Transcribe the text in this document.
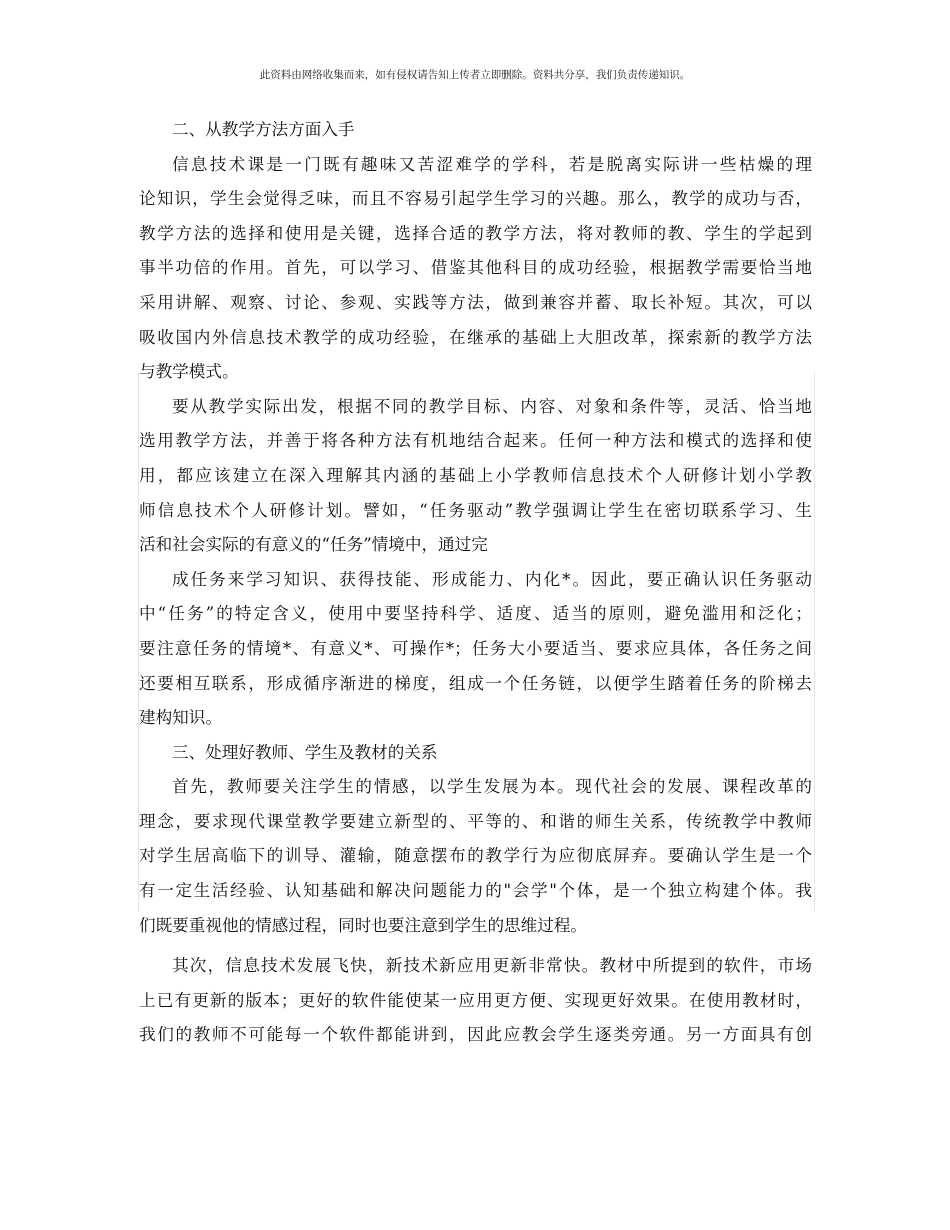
此资料由网络收集而来，如有侵权请告知上传者立即删除。资料共分享，我们负责传递知识。
二、从教学方法方面入手
信息技术课是一门既有趣味又苦涩难学的学科，若是脱离实际讲一些枯燥的理
论知识，学生会觉得乏味，而且不容易引起学生学习的兴趣。那么，教学的成功与否，
教学方法的选择和使用是关键，选择合适的教学方法，将对教师的教、学生的学起到
事半功倍的作用。首先，可以学习、借鉴其他科目的成功经验，根据教学需要恰当地
采用讲解、观察、讨论、参观、实践等方法，做到兼容并蓄、取长补短。其次，可以
吸收国内外信息技术教学的成功经验，在继承的基础上大胆改革，探索新的教学方法
与教学模式。
要从教学实际出发，根据不同的教学目标、内容、对象和条件等，灵活、恰当地
选用教学方法，并善于将各种方法有机地结合起来。任何一种方法和模式的选择和使
用，都应该建立在深入理解其内涵的基础上小学教师信息技术个人研修计划小学教
师信息技术个人研修计划。譬如，“任务驱动”教学强调让学生在密切联系学习、生
活和社会实际的有意义的“任务”情境中，通过完
成任务来学习知识、获得技能、形成能力、内化*。因此，要正确认识任务驱动
中“任务”的特定含义，使用中要坚持科学、适度、适当的原则，避免滥用和泛化；
要注意任务的情境*、有意义*、可操作*；任务大小要适当、要求应具体，各任务之间
还要相互联系，形成循序渐进的梯度，组成一个任务链，以便学生踏着任务的阶梯去
建构知识。
三、处理好教师、学生及教材的关系
首先，教师要关注学生的情感，以学生发展为本。现代社会的发展、课程改革的
理念，要求现代课堂教学要建立新型的、平等的、和谐的师生关系，传统教学中教师
对学生居高临下的训导、灌输，随意摆布的教学行为应彻底屏弃。要确认学生是一个
有一定生活经验、认知基础和解决问题能力的"会学"个体，是一个独立构建个体。我
们既要重视他的情感过程，同时也要注意到学生的思维过程。
其次，信息技术发展飞快，新技术新应用更新非常快。教材中所提到的软件，市场
上已有更新的版本；更好的软件能使某一应用更方便、实现更好效果。在使用教材时，
我们的教师不可能每一个软件都能讲到，因此应教会学生逐类旁通。另一方面具有创
